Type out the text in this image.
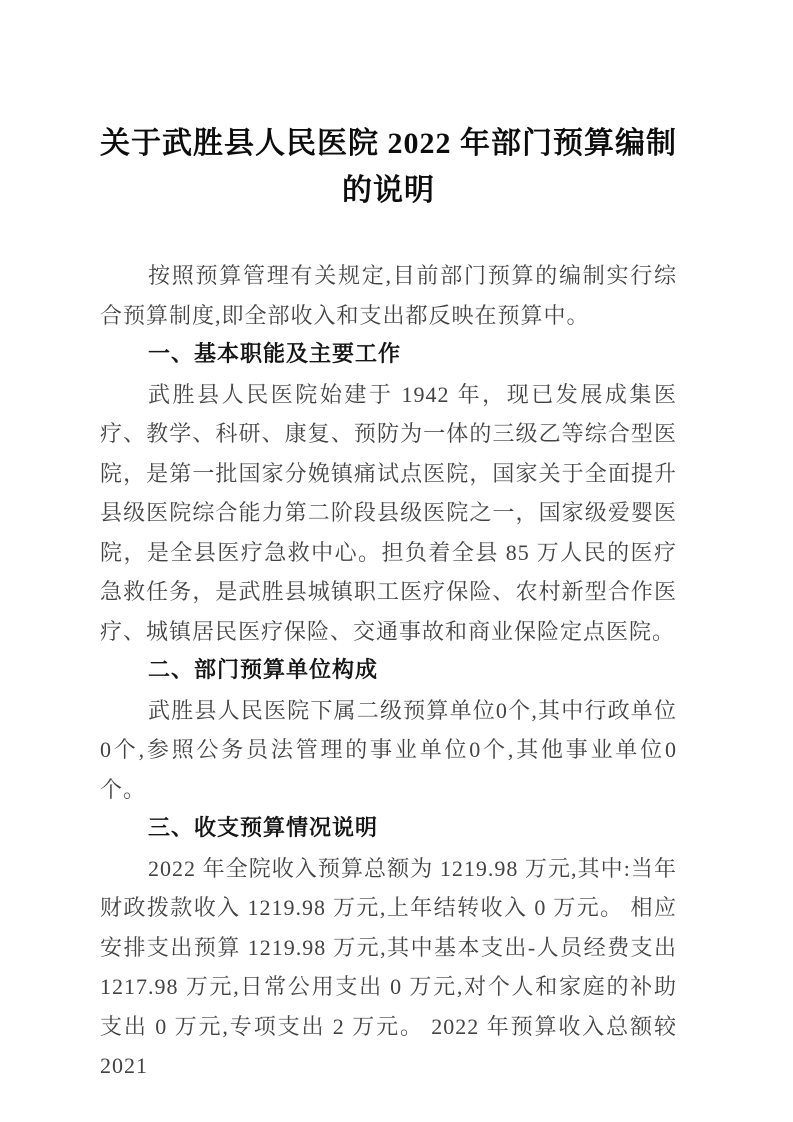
关于武胜县人民医院 2022 年部门预算编制
的说明

按照预算管理有关规定,目前部门预算的编制实行综合预算制度,即全部收入和支出都反映在预算中。

一、基本职能及主要工作

武胜县人民医院始建于 1942 年，现已发展成集医疗、教学、科研、康复、预防为一体的三级乙等综合型医院，是第一批国家分娩镇痛试点医院，国家关于全面提升县级医院综合能力第二阶段县级医院之一，国家级爱婴医院，是全县医疗急救中心。担负着全县 85 万人民的医疗急救任务，是武胜县城镇职工医疗保险、农村新型合作医疗、城镇居民医疗保险、交通事故和商业保险定点医院。

二、部门预算单位构成

武胜县人民医院下属二级预算单位0个,其中行政单位0个,参照公务员法管理的事业单位0个,其他事业单位0个。

三、收支预算情况说明

2022 年全院收入预算总额为 1219.98 万元,其中:当年财政拨款收入 1219.98 万元,上年结转收入 0 万元。 相应安排支出预算 1219.98 万元,其中基本支出-人员经费支出 1217.98 万元,日常公用支出 0 万元,对个人和家庭的补助支出 0 万元,专项支出 2 万元。 2022 年预算收入总额较 2021
